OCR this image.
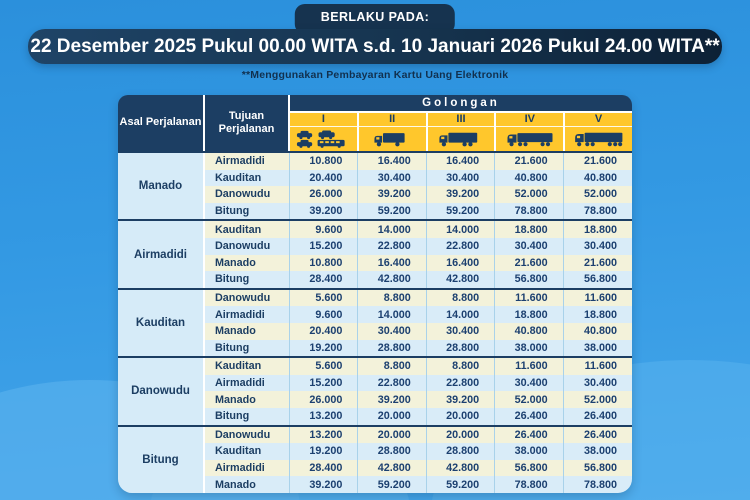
BERLAKU PADA:
22 Desember 2025 Pukul 00.00 WITA s.d. 10 Januari 2026 Pukul 24.00 WITA**
**Menggunakan Pembayaran Kartu Uang Elektronik
Asal Perjalanan
Tujuan Perjalanan
Golongan
I	II	III	IV	V
Manado
Airmadidi	10.800	16.400	16.400	21.600	21.600
Kauditan	20.400	30.400	30.400	40.800	40.800
Danowudu	26.000	39.200	39.200	52.000	52.000
Bitung	39.200	59.200	59.200	78.800	78.800
Airmadidi
Kauditan	9.600	14.000	14.000	18.800	18.800
Danowudu	15.200	22.800	22.800	30.400	30.400
Manado	10.800	16.400	16.400	21.600	21.600
Bitung	28.400	42.800	42.800	56.800	56.800
Kauditan
Danowudu	5.600	8.800	8.800	11.600	11.600
Airmadidi	9.600	14.000	14.000	18.800	18.800
Manado	20.400	30.400	30.400	40.800	40.800
Bitung	19.200	28.800	28.800	38.000	38.000
Danowudu
Kauditan	5.600	8.800	8.800	11.600	11.600
Airmadidi	15.200	22.800	22.800	30.400	30.400
Manado	26.000	39.200	39.200	52.000	52.000
Bitung	13.200	20.000	20.000	26.400	26.400
Bitung
Danowudu	13.200	20.000	20.000	26.400	26.400
Kauditan	19.200	28.800	28.800	38.000	38.000
Airmadidi	28.400	42.800	42.800	56.800	56.800
Manado	39.200	59.200	59.200	78.800	78.800
